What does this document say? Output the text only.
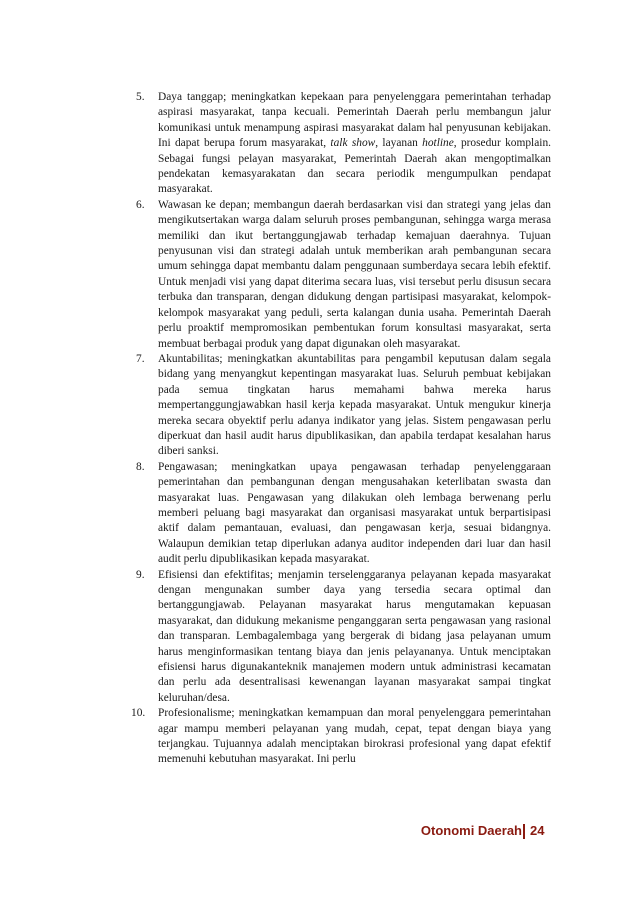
5. Daya tanggap; meningkatkan kepekaan para penyelenggara pemerintahan terhadap aspirasi masyarakat, tanpa kecuali. Pemerintah Daerah perlu membangun jalur komunikasi untuk menampung aspirasi masyarakat dalam hal penyusunan kebijakan. Ini dapat berupa forum masyarakat, talk show, layanan hotline, prosedur komplain. Sebagai fungsi pelayan masyarakat, Pemerintah Daerah akan mengoptimalkan pendekatan kemasyarakatan dan secara periodik mengumpulkan pendapat masyarakat.

6. Wawasan ke depan; membangun daerah berdasarkan visi dan strategi yang jelas dan mengikutsertakan warga dalam seluruh proses pembangunan, sehingga warga merasa memiliki dan ikut bertanggungjawab terhadap kemajuan daerahnya. Tujuan penyusunan visi dan strategi adalah untuk memberikan arah pembangunan secara umum sehingga dapat membantu dalam penggunaan sumberdaya secara lebih efektif. Untuk menjadi visi yang dapat diterima secara luas, visi tersebut perlu disusun secara terbuka dan transparan, dengan didukung dengan partisipasi masyarakat, kelompok-kelompok masyarakat yang peduli, serta kalangan dunia usaha. Pemerintah Daerah perlu proaktif mempromosikan pembentukan forum konsultasi masyarakat, serta membuat berbagai produk yang dapat digunakan oleh masyarakat.

7. Akuntabilitas; meningkatkan akuntabilitas para pengambil keputusan dalam segala bidang yang menyangkut kepentingan masyarakat luas. Seluruh pembuat kebijakan pada semua tingkatan harus memahami bahwa mereka harus mempertanggungjawabkan hasil kerja kepada masyarakat. Untuk mengukur kinerja mereka secara obyektif perlu adanya indikator yang jelas. Sistem pengawasan perlu diperkuat dan hasil audit harus dipublikasikan, dan apabila terdapat kesalahan harus diberi sanksi.

8. Pengawasan; meningkatkan upaya pengawasan terhadap penyelenggaraan pemerintahan dan pembangunan dengan mengusahakan keterlibatan swasta dan masyarakat luas. Pengawasan yang dilakukan oleh lembaga berwenang perlu memberi peluang bagi masyarakat dan organisasi masyarakat untuk berpartisipasi aktif dalam pemantauan, evaluasi, dan pengawasan kerja, sesuai bidangnya. Walaupun demikian tetap diperlukan adanya auditor independen dari luar dan hasil audit perlu dipublikasikan kepada masyarakat.

9. Efisiensi dan efektifitas; menjamin terselenggaranya pelayanan kepada masyarakat dengan mengunakan sumber daya yang tersedia secara optimal dan bertanggungjawab. Pelayanan masyarakat harus mengutamakan kepuasan masyarakat, dan didukung mekanisme penganggaran serta pengawasan yang rasional dan transparan. Lembagalembaga yang bergerak di bidang jasa pelayanan umum harus menginformasikan tentang biaya dan jenis pelayananya. Untuk menciptakan efisiensi harus digunakanteknik manajemen modern untuk administrasi kecamatan dan perlu ada desentralisasi kewenangan layanan masyarakat sampai tingkat keluruhan/desa.

10. Profesionalisme; meningkatkan kemampuan dan moral penyelenggara pemerintahan agar mampu memberi pelayanan yang mudah, cepat, tepat dengan biaya yang terjangkau. Tujuannya adalah menciptakan birokrasi profesional yang dapat efektif memenuhi kebutuhan masyarakat. Ini perlu

Otonomi Daerah 24
